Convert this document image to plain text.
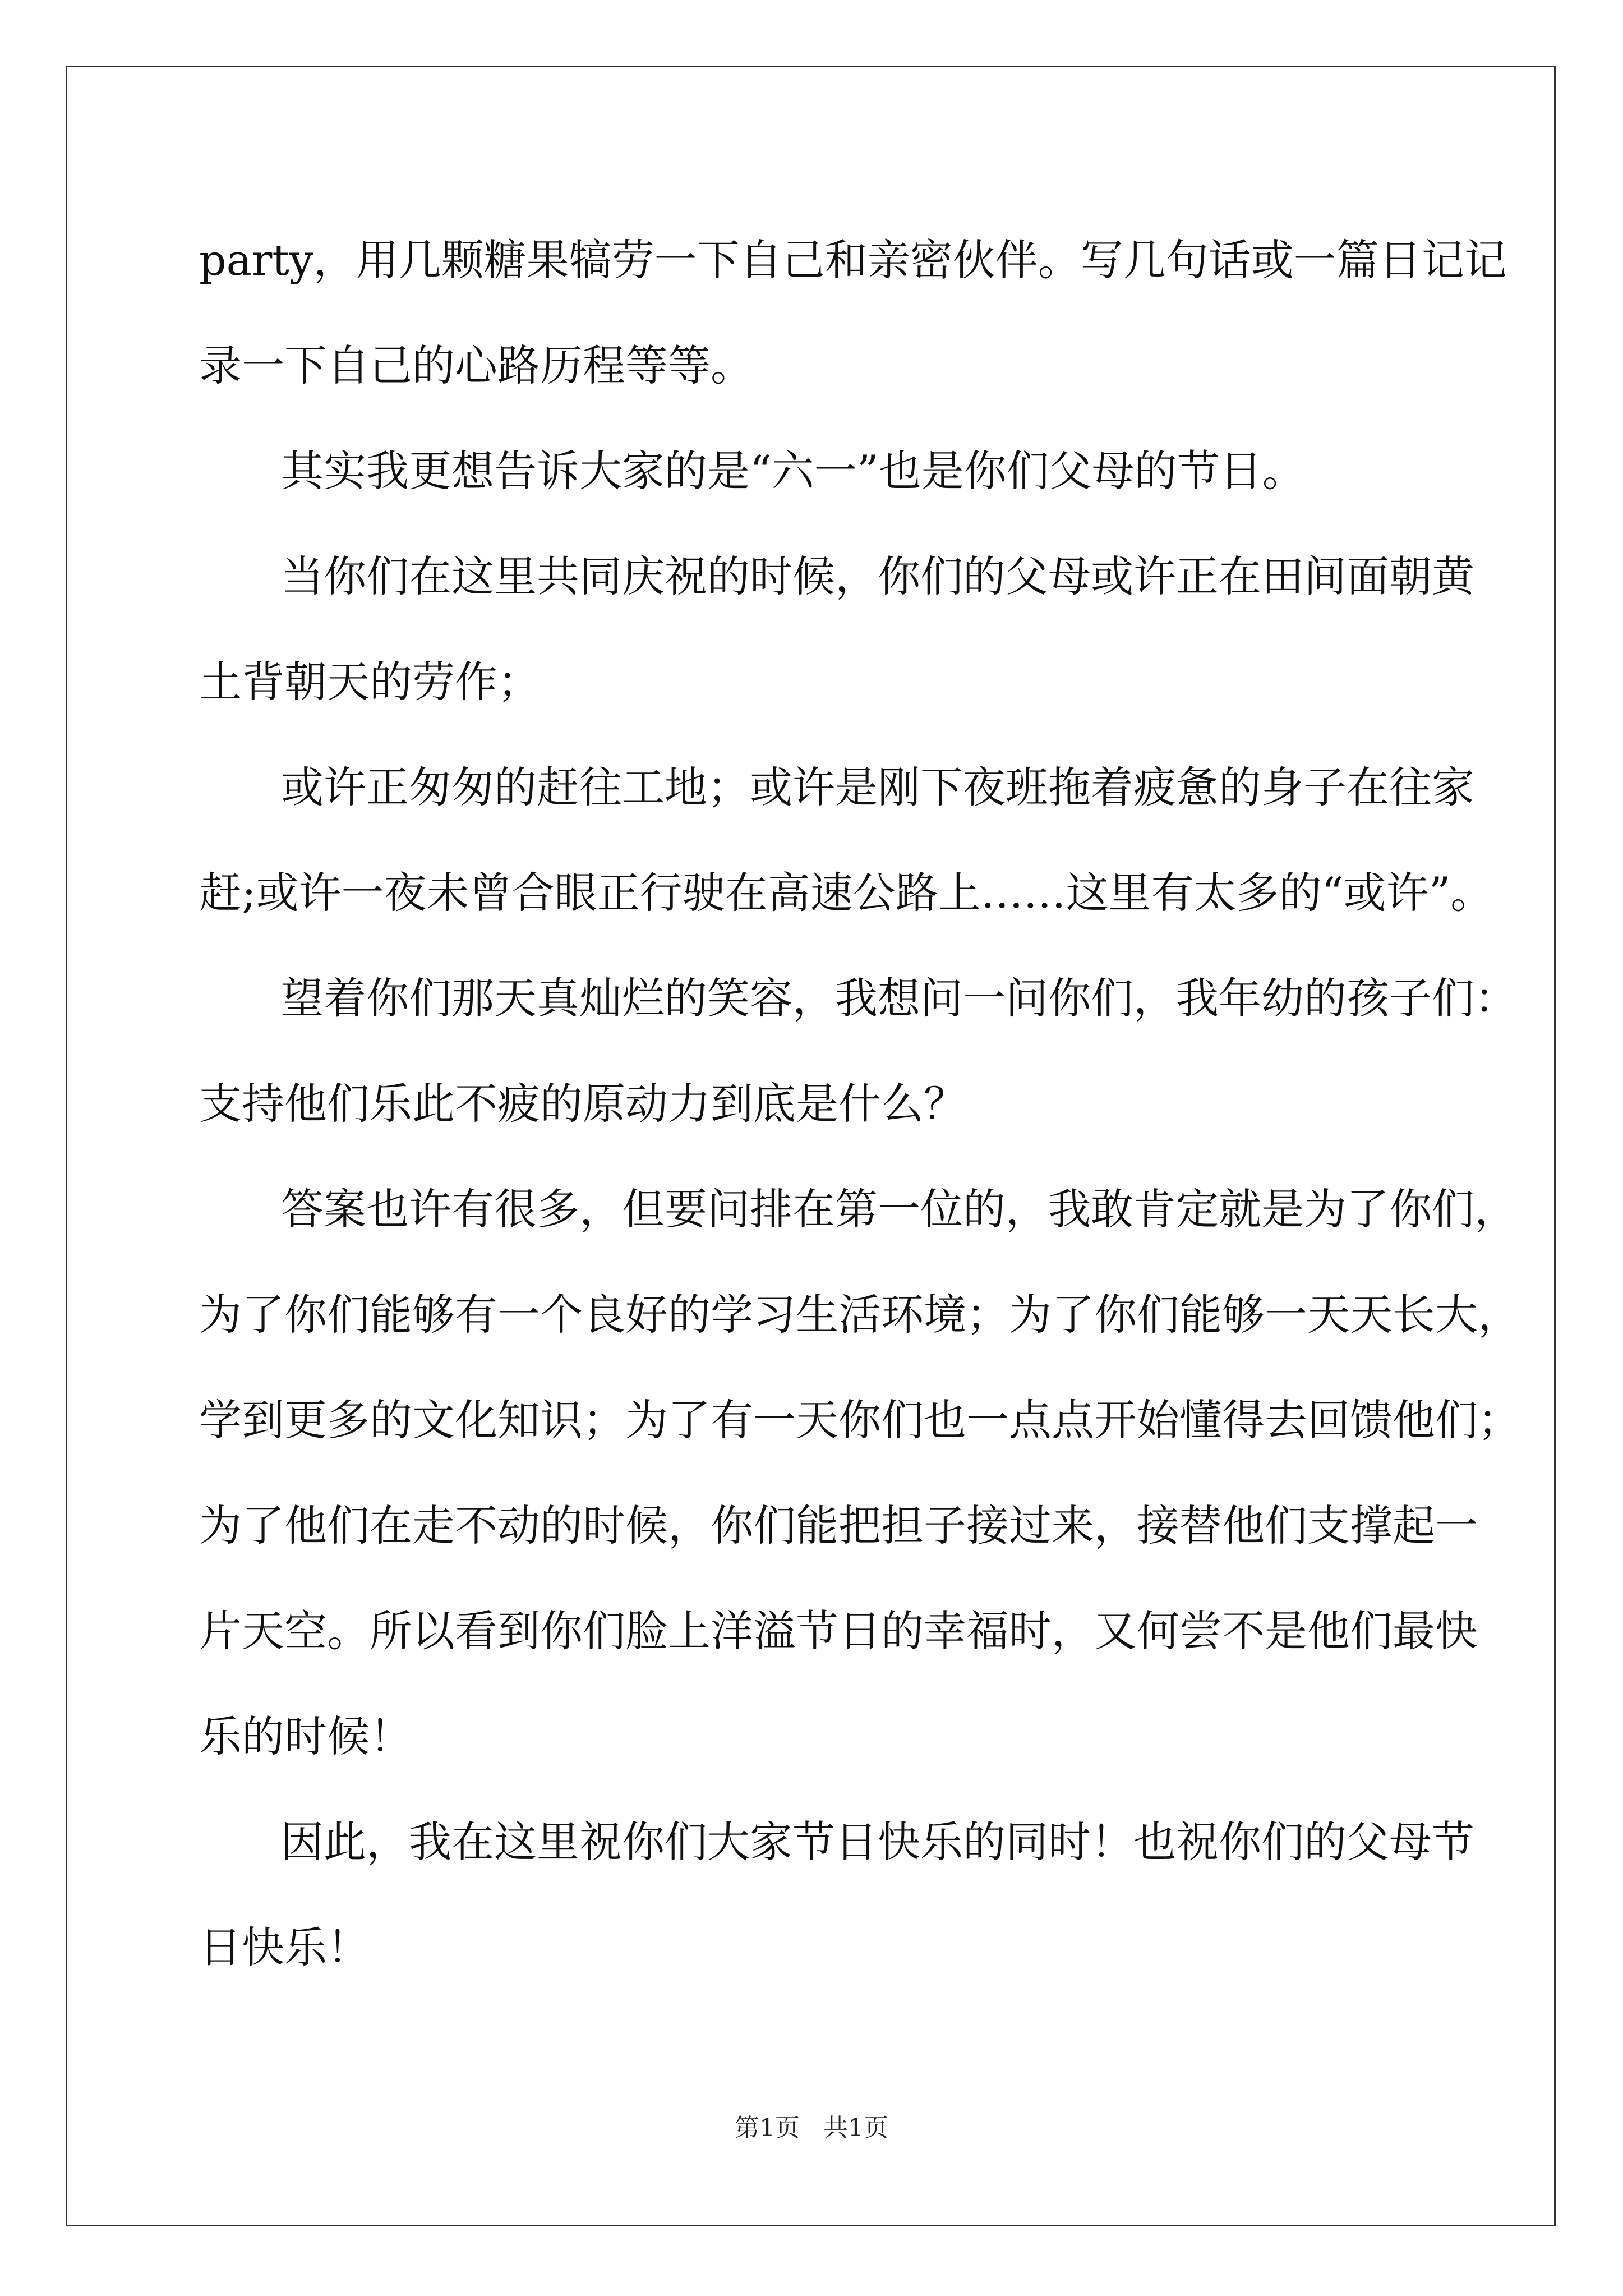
party，用几颗糖果犒劳一下自己和亲密伙伴。写几句话或一篇日记记
录一下自己的心路历程等等。
其实我更想告诉大家的是“六一”也是你们父母的节日。
当你们在这里共同庆祝的时候，你们的父母或许正在田间面朝黄
土背朝天的劳作；
或许正匆匆的赶往工地；或许是刚下夜班拖着疲惫的身子在往家
赶;或许一夜未曾合眼正行驶在高速公路上……这里有太多的“或许”。
望着你们那天真灿烂的笑容，我想问一问你们，我年幼的孩子们：
支持他们乐此不疲的原动力到底是什么？
答案也许有很多，但要问排在第一位的，我敢肯定就是为了你们，
为了你们能够有一个良好的学习生活环境；为了你们能够一天天长大，
学到更多的文化知识；为了有一天你们也一点点开始懂得去回馈他们；
为了他们在走不动的时候，你们能把担子接过来，接替他们支撑起一
片天空。所以看到你们脸上洋溢节日的幸福时，又何尝不是他们最快
乐的时候！
因此，我在这里祝你们大家节日快乐的同时！也祝你们的父母节
日快乐！
第1页   共1页
